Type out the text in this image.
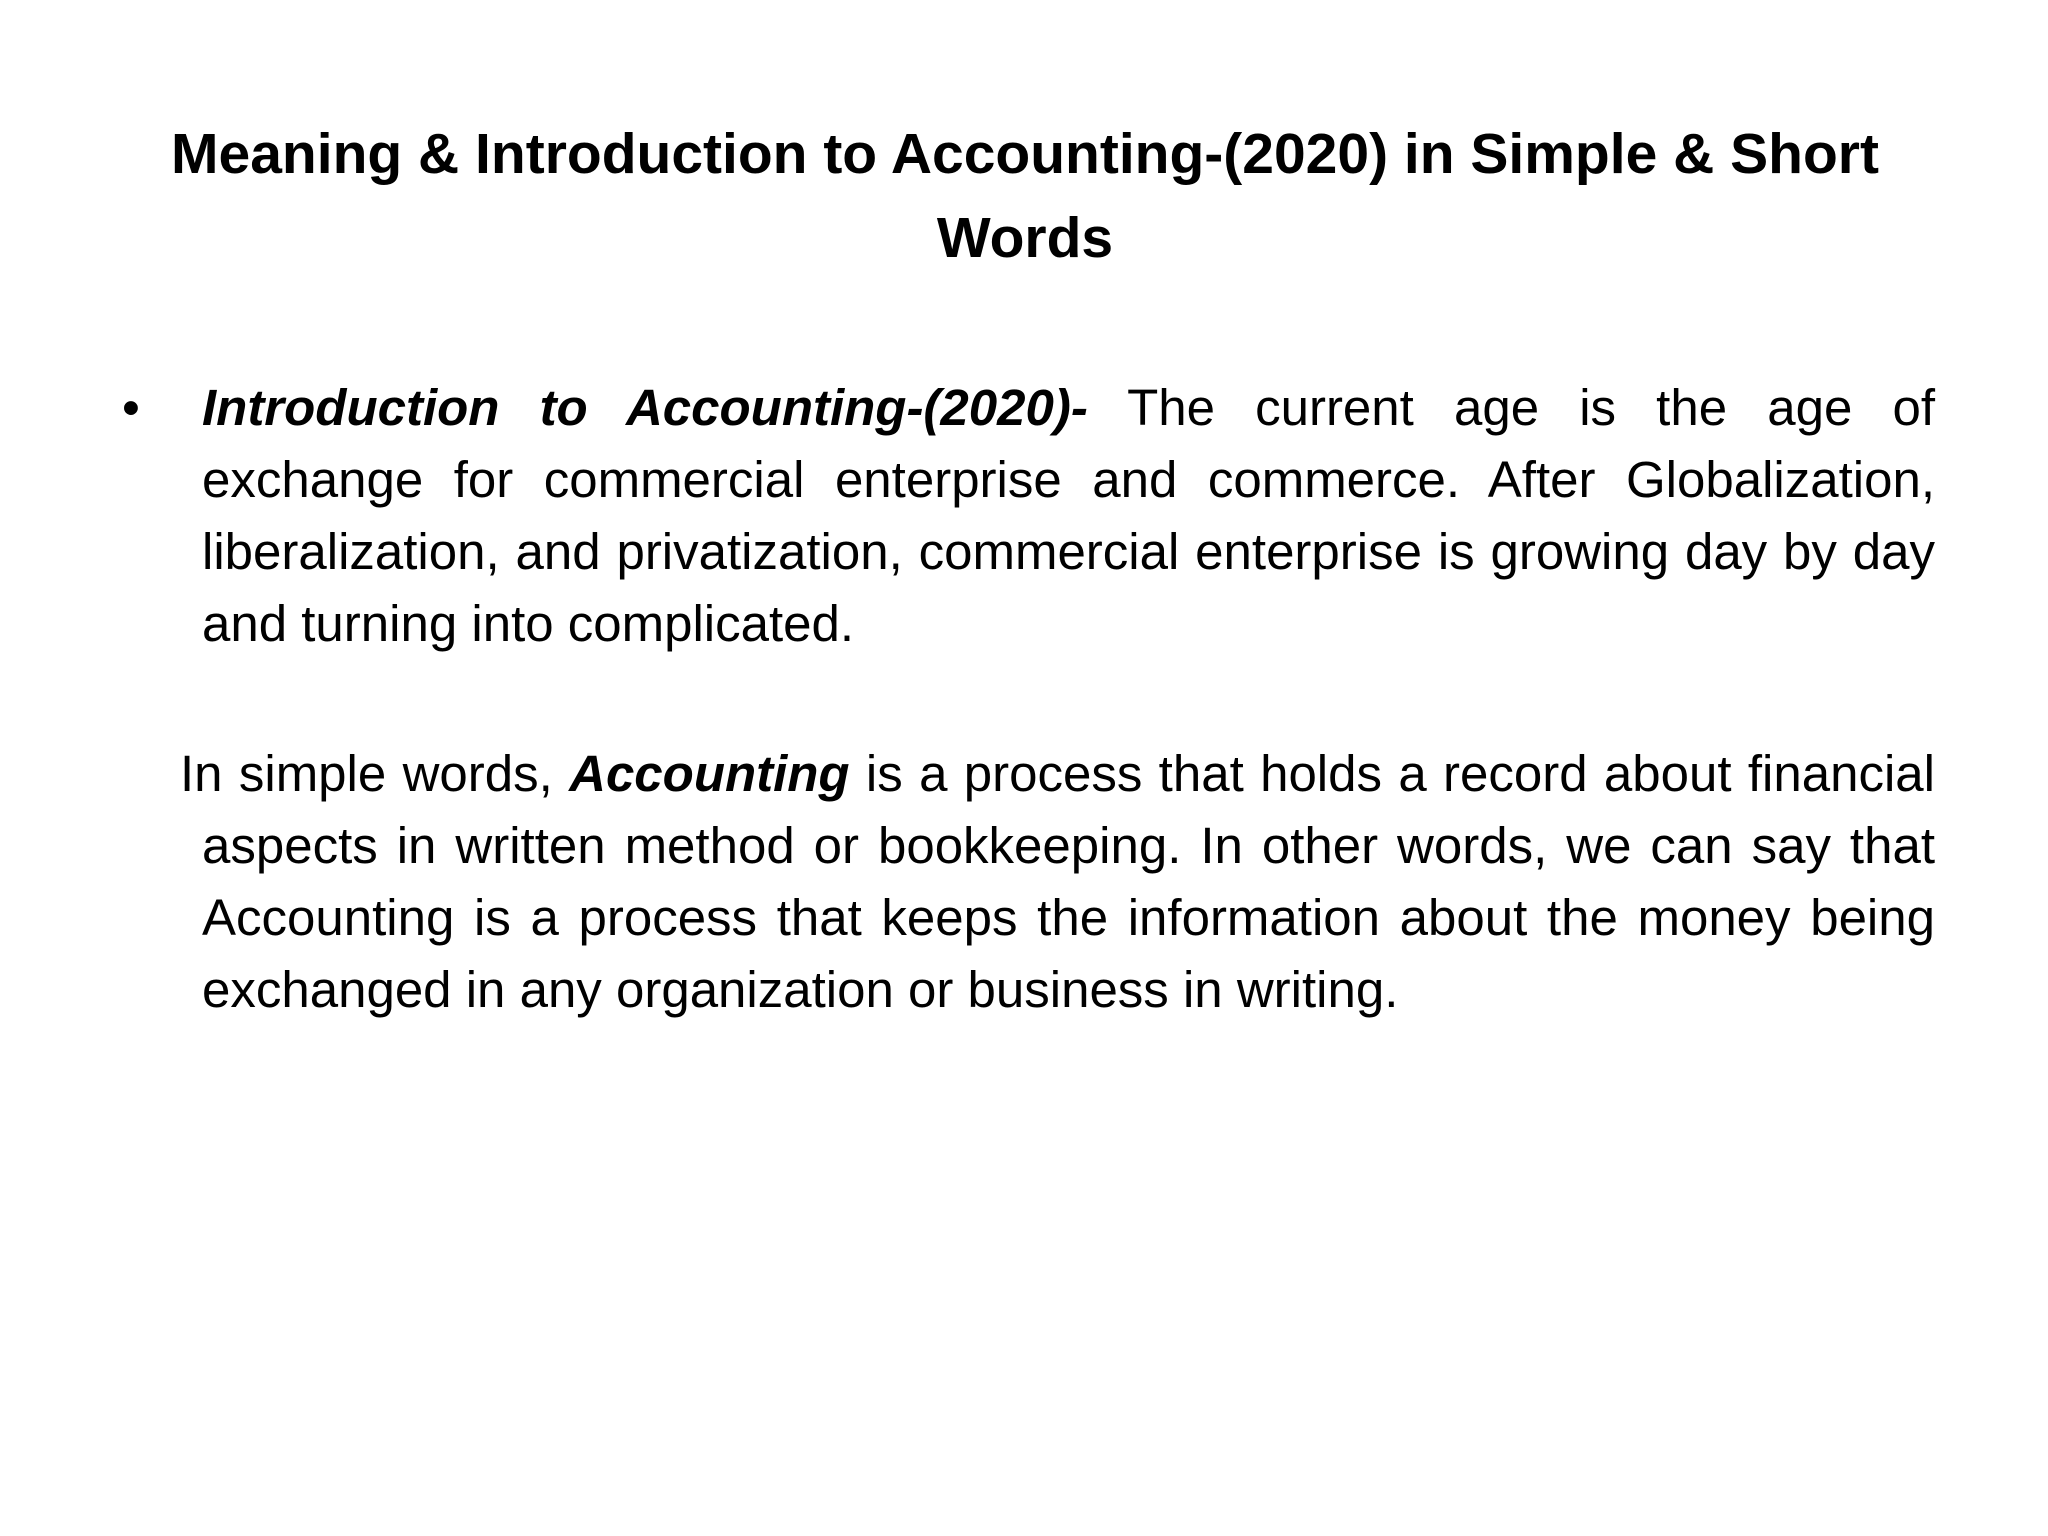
Meaning & Introduction to Accounting-(2020) in Simple & Short Words

•	Introduction to Accounting-(2020)- The current age is the age of exchange for commercial enterprise and commerce. After Globalization, liberalization, and privatization, commercial enterprise is growing day by day and turning into complicated.

In simple words, Accounting is a process that holds a record about financial aspects in written method or bookkeeping. In other words, we can say that Accounting is a process that keeps the information about the money being exchanged in any organization or business in writing.
